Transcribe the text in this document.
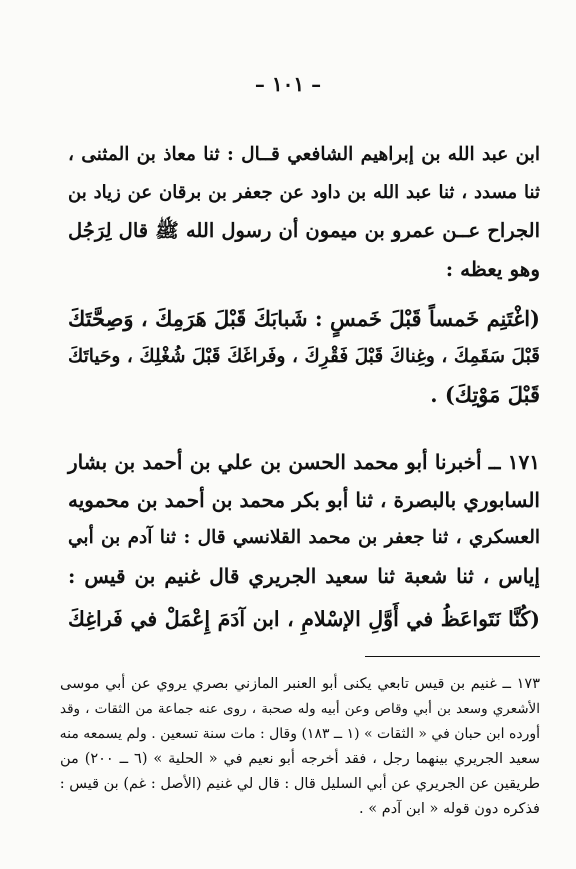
– ١٠١ –
ابن عبد الله بن إبراهيم الشافعي قــال : ثنا معاذ بن المثنى ،
ثنا مسدد ، ثنا عبد الله بن داود عن جعفر بن برقان عن زياد بن
الجراح عــن عمرو بن ميمون أن رسول الله ﷺ قال لِرَجُل
وهو يعظه :
(اغْتَنِم خَمساً قَبْلَ خَمسٍ : شَبابَكَ قَبْلَ هَرَمِكَ ، وَصِحَّتَكَ
قَبْلَ سَقَمِكَ ، وغِناكَ قَبْلَ فَقْرِكَ ، وفَراغَكَ قَبْلَ شُغْلِكَ ، وحَياتَكَ
قَبْلَ مَوْتِكَ) .
١٧١ ــ أخبرنا أبو محمد الحسن بن علي بن أحمد بن بشار
السابوري بالبصرة ، ثنا أبو بكر محمد بن أحمد بن محمويه
العسكري ، ثنا جعفر بن محمد القلانسي قال : ثنا آدم بن أبي
إياس ، ثنا شعبة ثنا سعيد الجريري قال غنيم بن قيس :
(كُنَّا نَتَواعَظُ في أَوَّلِ الإسْلامِ ، ابن آدَمَ إِعْمَلْ في فَراغِكَ
١٧٣ ــ غنيم بن قيس تابعي يكنى أبو العنبر المازني بصري يروي عن أبي موسى
الأشعري وسعد بن أبي وقاص وعن أبيه وله صحبة ، روى عنه جماعة من الثقات ، وقد
أورده ابن حبان في « الثقات » (١ ــ ١٨٣) وقال : مات سنة تسعين . ولم يسمعه منه
سعيد الجريري بينهما رجل ، فقد أخرجه أبو نعيم في « الحلية » (٦ ــ ٢٠٠) من
طريقين عن الجريري عن أبي السليل قال : قال لي غنيم (الأصل : غم) بن قيس :
فذكره دون قوله « ابن آدم » .
